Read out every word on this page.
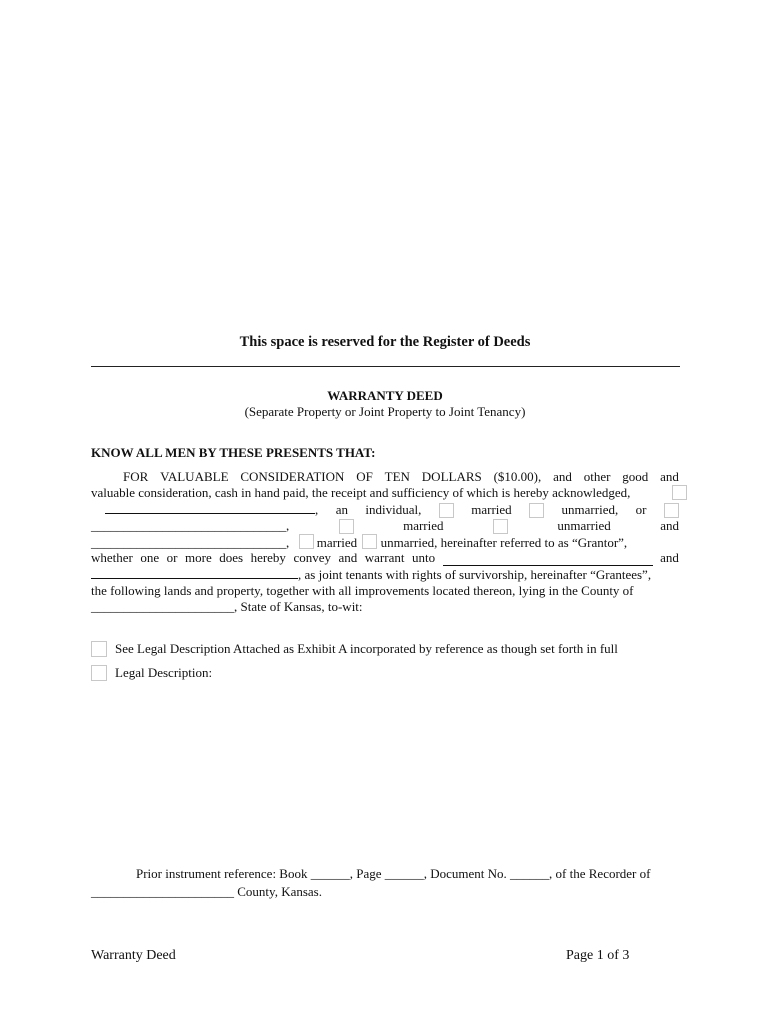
This space is reserved for the Register of Deeds
WARRANTY DEED
(Separate Property or Joint Property to Joint Tenancy)
KNOW ALL MEN BY THESE PRESENTS THAT:
FOR VALUABLE CONSIDERATION OF TEN DOLLARS ($10.00), and other good and
valuable consideration, cash in hand paid, the receipt and sufficiency of which is hereby acknowledged,
, an individual,	married	unmarried, or
______________________________,	married	unmarried	and
______________________________, married unmarried, hereinafter referred to as “Grantor”,
whether one or more does hereby convey and warrant unto	and
, as joint tenants with rights of survivorship, hereinafter “Grantees”,
the following lands and property, together with all improvements located thereon, lying in the County of
______________________, State of Kansas, to-wit:
See Legal Description Attached as Exhibit A incorporated by reference as though set forth in full
Legal Description:
Prior instrument reference: Book ______, Page ______, Document No. ______, of the Recorder of
______________________ County, Kansas.
Warranty Deed	Page 1 of 3
